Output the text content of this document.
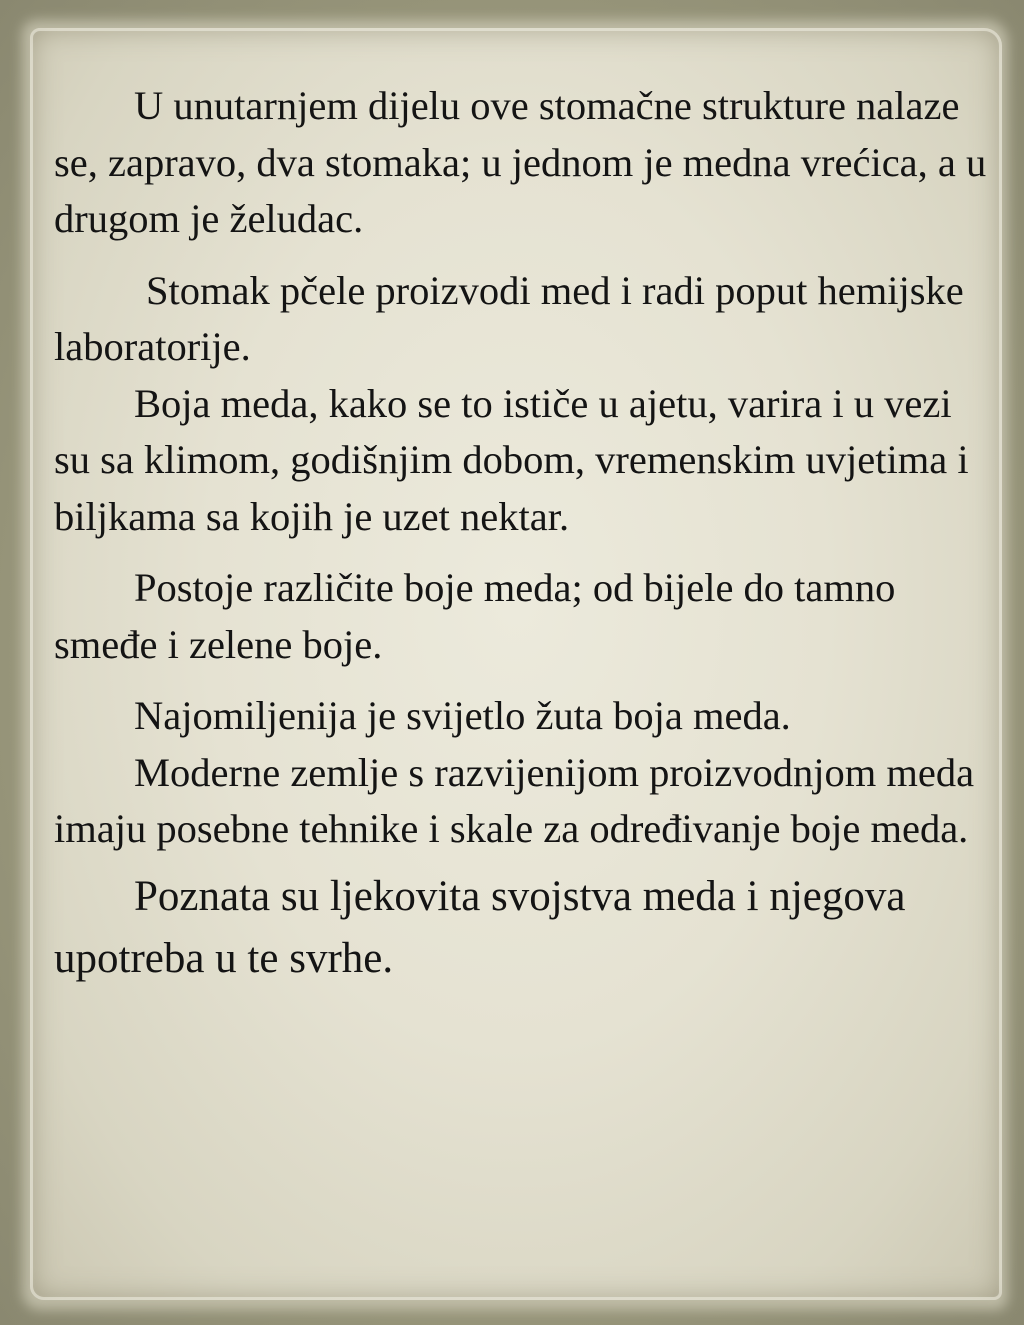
U unutarnjem dijelu ove stomačne strukture nalaze se, zapravo, dva stomaka; u jednom je medna vrećica, a u drugom je želudac.

Stomak pčele proizvodi med i radi poput hemijske laboratorije.

Boja meda, kako se to ističe u ajetu, varira i u vezi su sa klimom, godišnjim dobom, vremenskim uvjetima i biljkama sa kojih je uzet nektar.

Postoje različite boje meda; od bijele do tamno smeđe i zelene boje.

Najomiljenija je svijetlo žuta boja meda.

Moderne zemlje s razvijenijom proizvodnjom meda imaju posebne tehnike i skale za određivanje boje meda.

Poznata su ljekovita svojstva meda i njegova upotreba u te svrhe.
